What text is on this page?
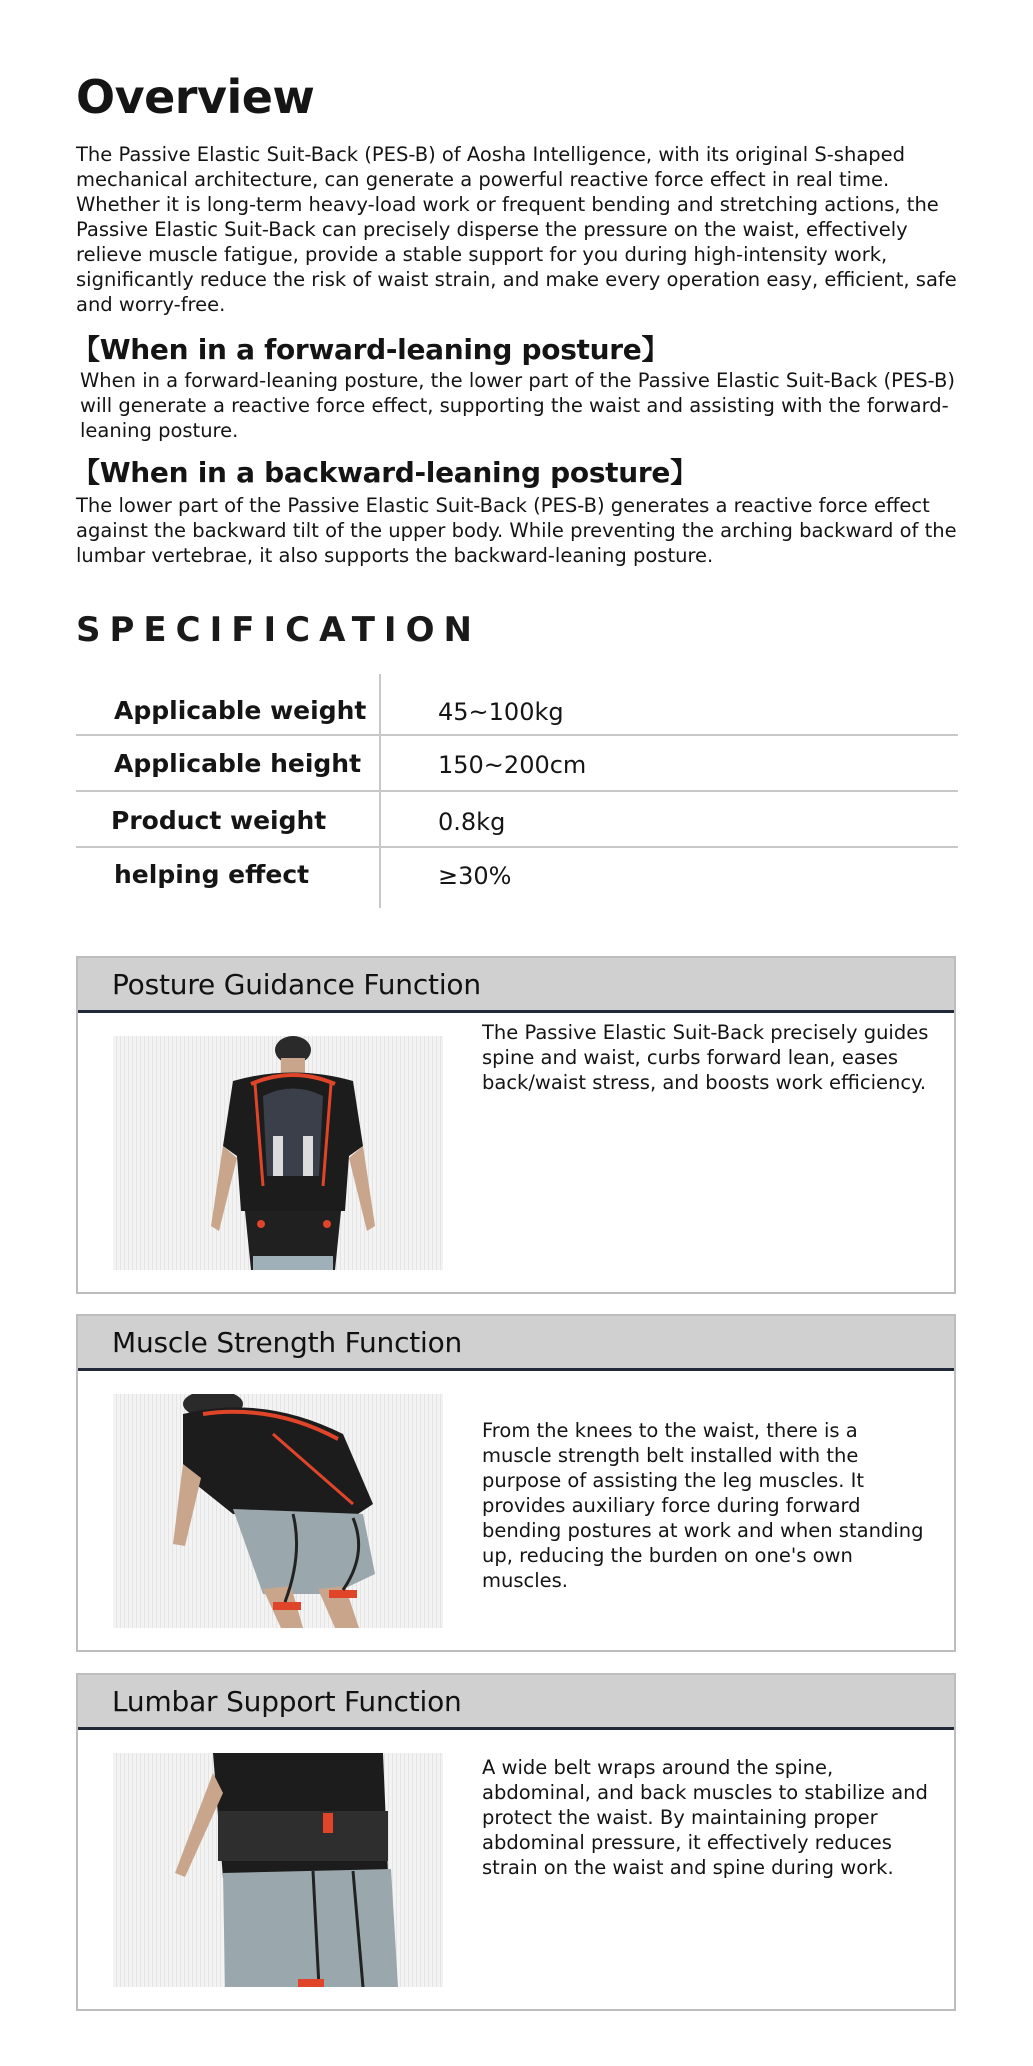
Overview

The Passive Elastic Suit-Back (PES-B) of Aosha Intelligence, with its original S-shaped mechanical architecture, can generate a powerful reactive force effect in real time. Whether it is long-term heavy-load work or frequent bending and stretching actions, the Passive Elastic Suit-Back can precisely disperse the pressure on the waist, effectively relieve muscle fatigue, provide a stable support for you during high-intensity work, significantly reduce the risk of waist strain, and make every operation easy, efficient, safe and worry-free.

【When in a forward-leaning posture】

When in a forward-leaning posture, the lower part of the Passive Elastic Suit-Back (PES-B) will generate a reactive force effect, supporting the waist and assisting with the forward-leaning posture.

【When in a backward-leaning posture】

The lower part of the Passive Elastic Suit-Back (PES-B) generates a reactive force effect against the backward tilt of the upper body. While preventing the arching backward of the lumbar vertebrae, it also supports the backward-leaning posture.

SPECIFICATION
Applicable weight	45~100kg
Applicable height	150~200cm
Product weight	0.8kg
helping effect	≥30%
Posture Guidance Function
The Passive Elastic Suit-Back precisely guides spine and waist, curbs forward lean, eases back/waist stress, and boosts work efficiency.
Muscle Strength Function
From the knees to the waist, there is a muscle strength belt installed with the purpose of assisting the leg muscles. It provides auxiliary force during forward bending postures at work and when standing up, reducing the burden on one's own muscles.
Lumbar Support Function
A wide belt wraps around the spine, abdominal, and back muscles to stabilize and protect the waist. By maintaining proper abdominal pressure, it effectively reduces strain on the waist and spine during work.
